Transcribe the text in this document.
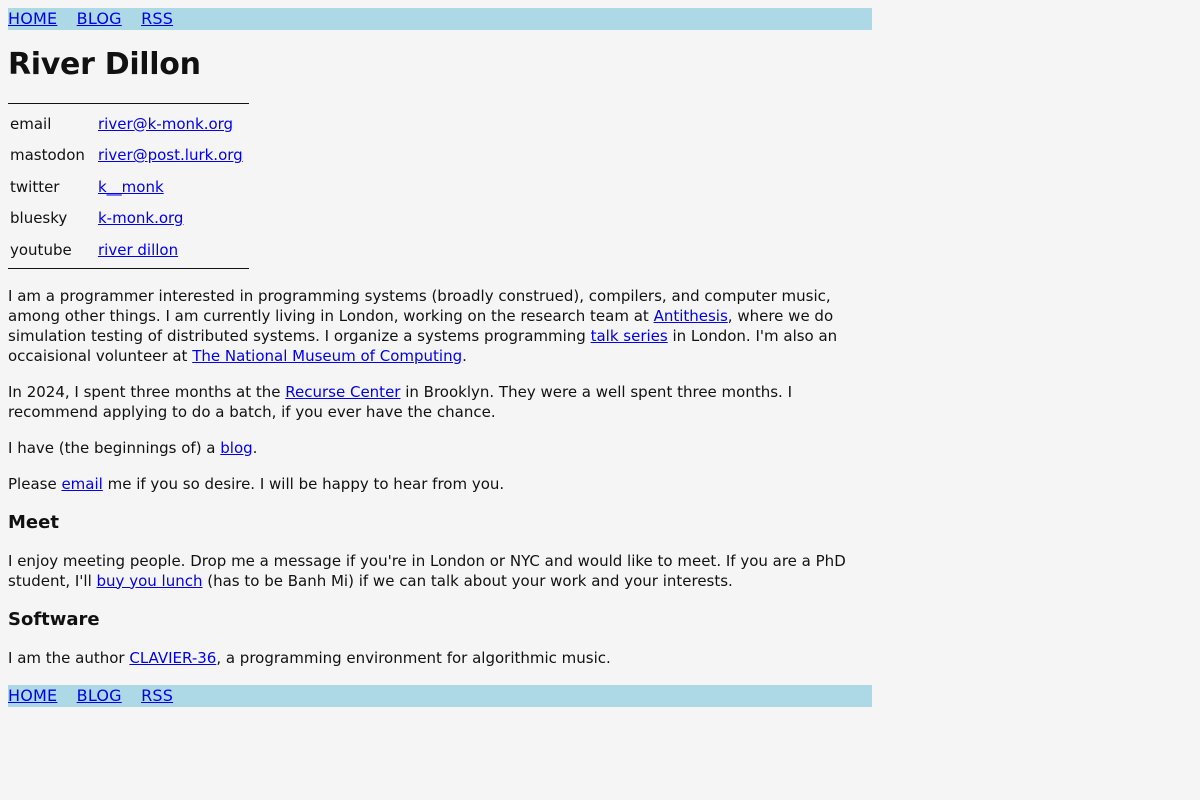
HOME BLOG RSS
River Dillon
email	river@k-monk.org
mastodon	river@post.lurk.org
twitter	k__monk
bluesky	k-monk.org
youtube	river dillon

I am a programmer interested in programming systems (broadly construed), compilers, and computer music, among other things. I am currently living in London, working on the research team at Antithesis, where we do simulation testing of distributed systems. I organize a systems programming talk series in London. I'm also an occaisional volunteer at The National Museum of Computing.

In 2024, I spent three months at the Recurse Center in Brooklyn. They were a well spent three months. I recommend applying to do a batch, if you ever have the chance.

I have (the beginnings of) a blog.

Please email me if you so desire. I will be happy to hear from you.

Meet

I enjoy meeting people. Drop me a message if you're in London or NYC and would like to meet. If you are a PhD student, I'll buy you lunch (has to be Banh Mi) if we can talk about your work and your interests.

Software

I am the author CLAVIER-36, a programming environment for algorithmic music.

HOME BLOG RSS
